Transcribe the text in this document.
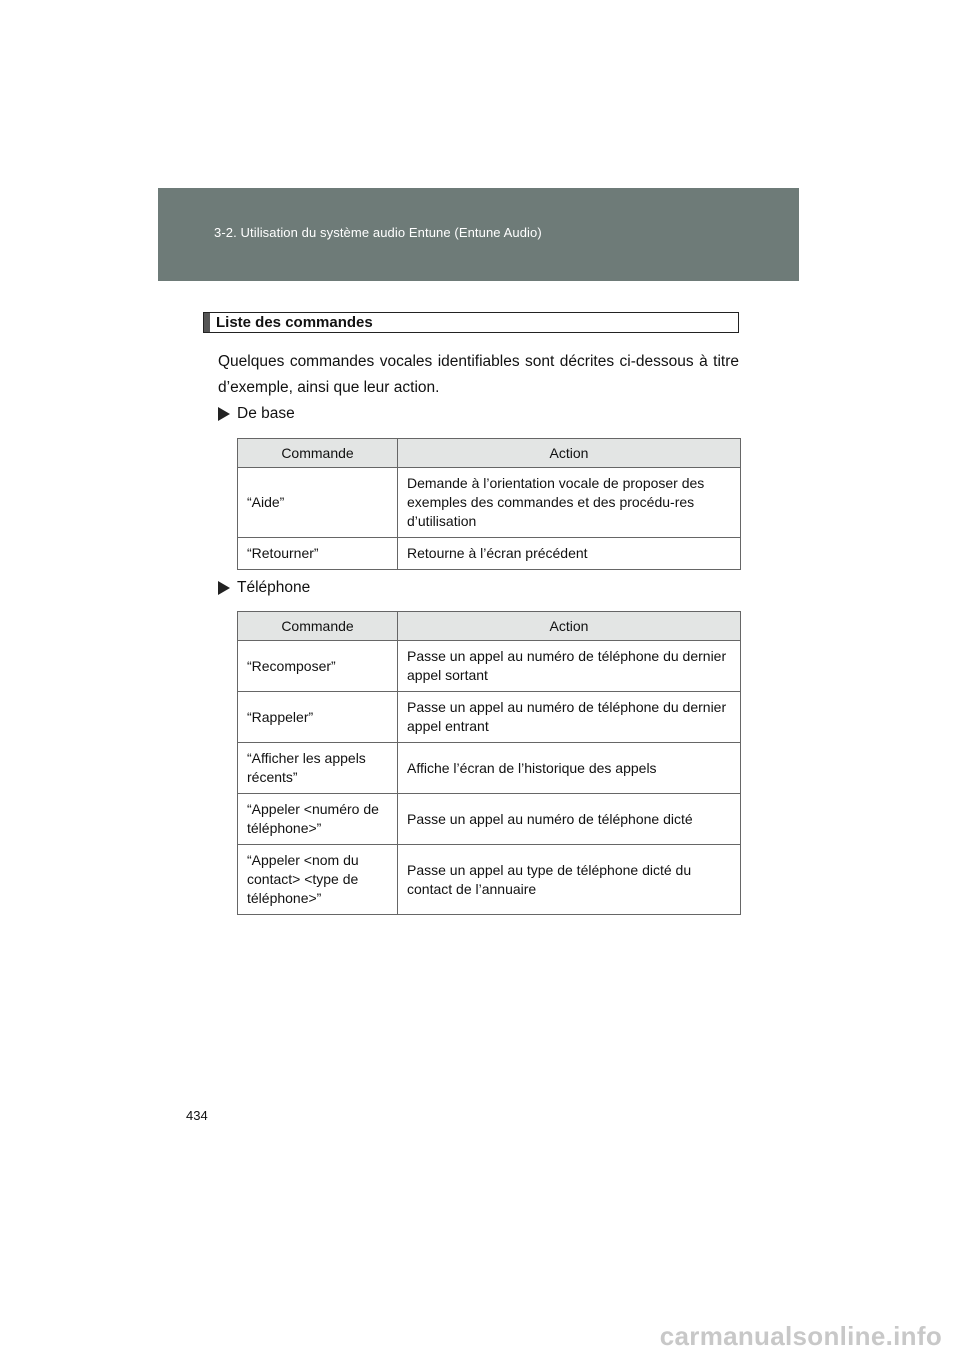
3-2. Utilisation du système audio Entune (Entune Audio)
Liste des commandes
Quelques commandes vocales identifiables sont décrites ci-dessous à titre d’exemple, ainsi que leur action.
De base
Commande	Action
“Aide”	Demande à l’orientation vocale de proposer des exemples des commandes et des procédu-res d’utilisation
“Retourner”	Retourne à l’écran précédent
Téléphone
Commande	Action
“Recomposer”	Passe un appel au numéro de téléphone du dernier appel sortant
“Rappeler”	Passe un appel au numéro de téléphone du dernier appel entrant
“Afficher les appels récents”	Affiche l’écran de l’historique des appels
“Appeler <numéro de téléphone>”	Passe un appel au numéro de téléphone dicté
“Appeler <nom du contact> <type de téléphone>”	Passe un appel au type de téléphone dicté du contact de l’annuaire
434
carmanualsonline.info
